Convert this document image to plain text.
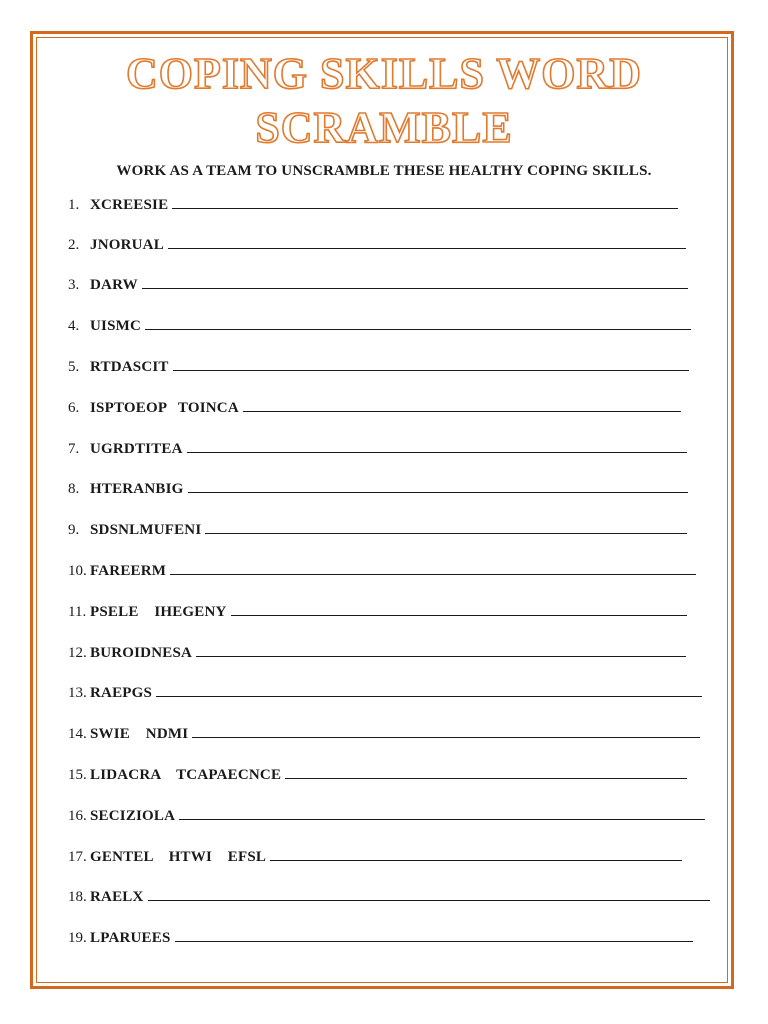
COPING SKILLS WORD
SCRAMBLE
WORK AS A TEAM TO UNSCRAMBLE THESE HEALTHY COPING SKILLS.
1. XCREESIE
2. JNORUAL
3. DARW
4. UISMC
5. RTDASCIT
6. ISPTOEOP   TOINCA
7. UGRDTITEA
8. HTERANBIG
9. SDSNLMUFENI
10. FAREERM
11. PSELE    IHEGENY
12. BUROIDNESA
13. RAEPGS
14. SWIE    NDMI
15. LIDACRA    TCAPAECNCE
16. SECIZIOLA
17. GENTEL    HTWI    EFSL
18. RAELX
19. LPARUEES
